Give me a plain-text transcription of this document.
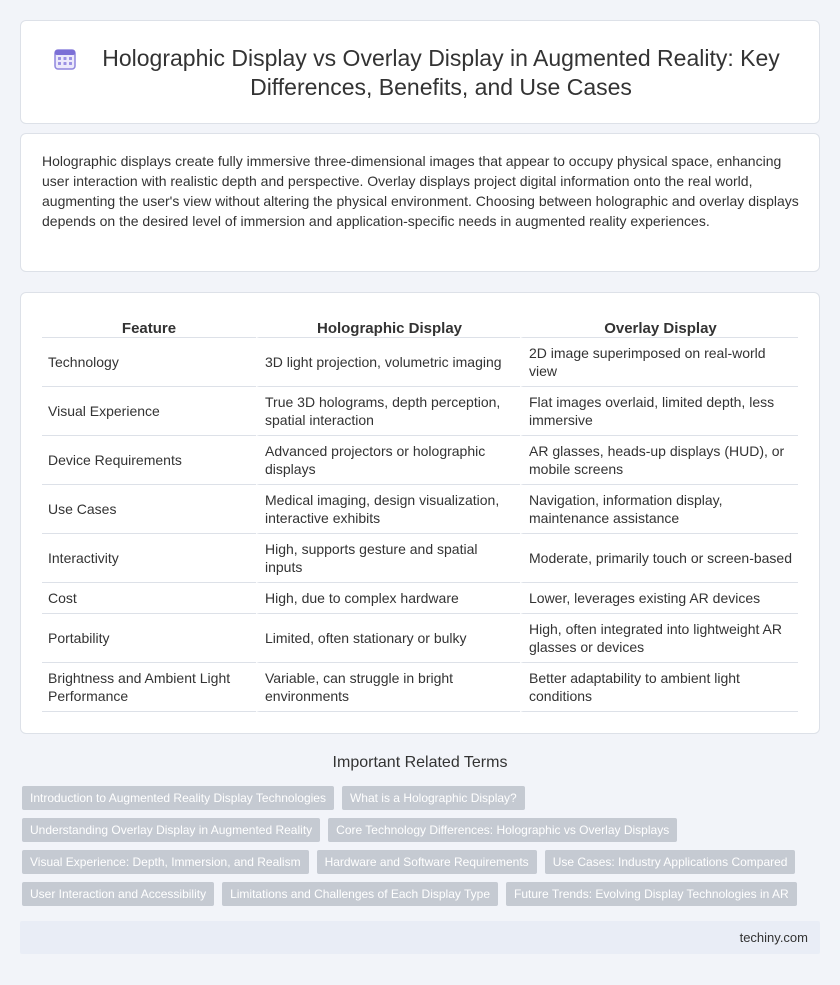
Holographic Display vs Overlay Display in Augmented Reality: Key Differences, Benefits, and Use Cases

Holographic displays create fully immersive three-dimensional images that appear to occupy physical space, enhancing user interaction with realistic depth and perspective. Overlay displays project digital information onto the real world, augmenting the user's view without altering the physical environment. Choosing between holographic and overlay displays depends on the desired level of immersion and application-specific needs in augmented reality experiences.

Feature	Holographic Display	Overlay Display
Technology	3D light projection, volumetric imaging	2D image superimposed on real-world view
Visual Experience	True 3D holograms, depth perception, spatial interaction	Flat images overlaid, limited depth, less immersive
Device Requirements	Advanced projectors or holographic displays	AR glasses, heads-up displays (HUD), or mobile screens
Use Cases	Medical imaging, design visualization, interactive exhibits	Navigation, information display, maintenance assistance
Interactivity	High, supports gesture and spatial inputs	Moderate, primarily touch or screen-based
Cost	High, due to complex hardware	Lower, leverages existing AR devices
Portability	Limited, often stationary or bulky	High, often integrated into lightweight AR glasses or devices
Brightness and Ambient Light Performance	Variable, can struggle in bright environments	Better adaptability to ambient light conditions
Important Related Terms
Introduction to Augmented Reality Display Technologies	What is a Holographic Display?
Understanding Overlay Display in Augmented Reality	Core Technology Differences: Holographic vs Overlay Displays
Visual Experience: Depth, Immersion, and Realism	Hardware and Software Requirements	Use Cases: Industry Applications Compared
User Interaction and Accessibility	Limitations and Challenges of Each Display Type	Future Trends: Evolving Display Technologies in AR
techiny.com
